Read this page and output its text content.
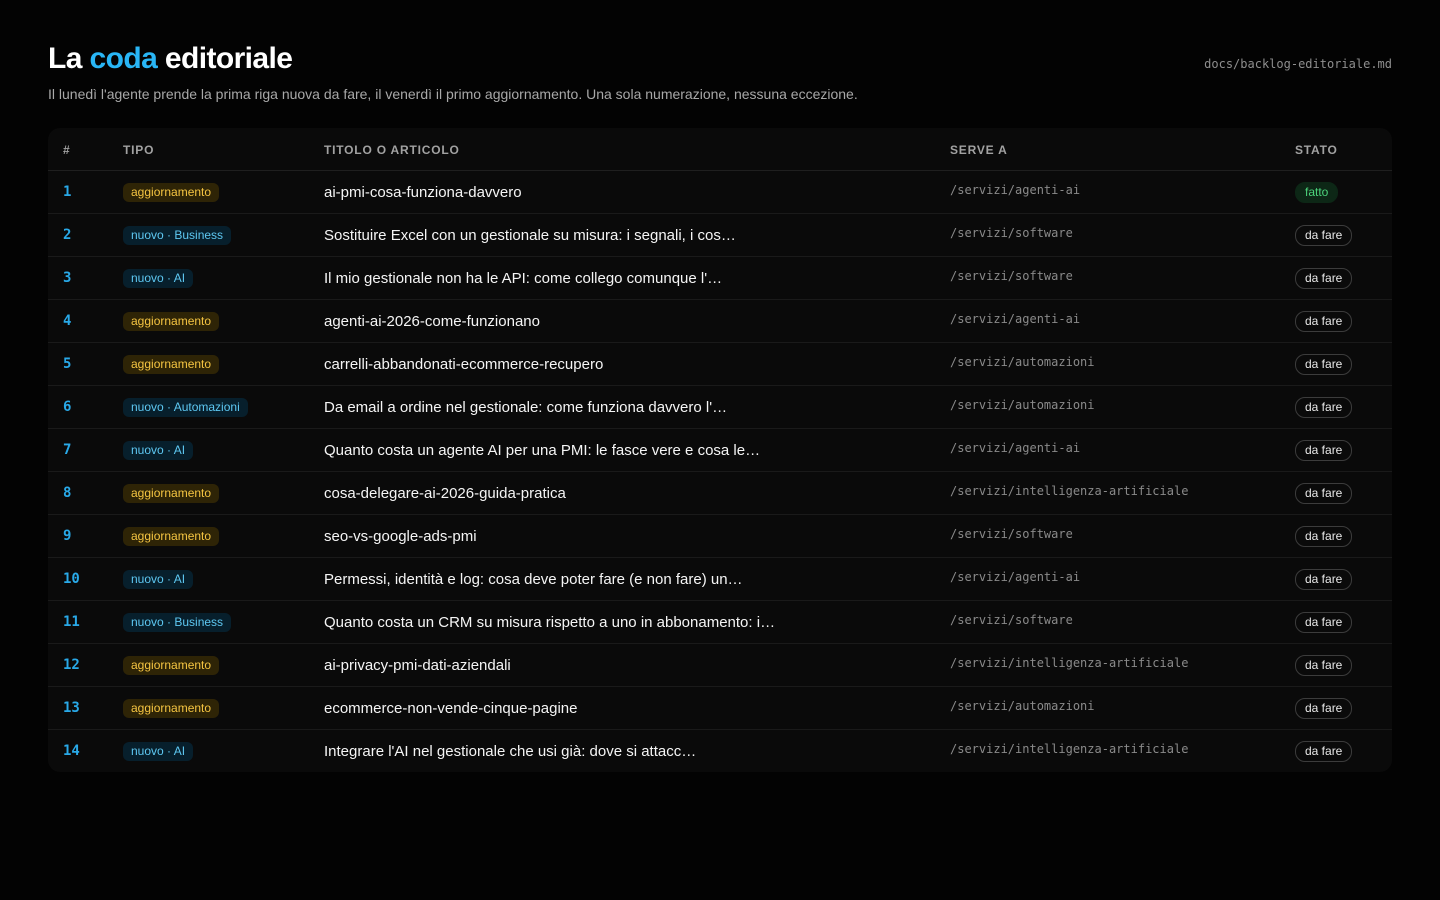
La coda editoriale
Il lunedì l'agente prende la prima riga nuova da fare, il venerdì il primo aggiornamento. Una sola numerazione, nessuna eccezione.
docs/backlog-editoriale.md
#	TIPO	TITOLO O ARTICOLO	SERVE A	STATO
1	aggiornamento	ai-pmi-cosa-funziona-davvero	/servizi/agenti-ai	fatto
2	nuovo · Business	Sostituire Excel con un gestionale su misura: i segnali, i cos…	/servizi/software	da fare
3	nuovo · AI	Il mio gestionale non ha le API: come collego comunque l'…	/servizi/software	da fare
4	aggiornamento	agenti-ai-2026-come-funzionano	/servizi/agenti-ai	da fare
5	aggiornamento	carrelli-abbandonati-ecommerce-recupero	/servizi/automazioni	da fare
6	nuovo · Automazioni	Da email a ordine nel gestionale: come funziona davvero l'…	/servizi/automazioni	da fare
7	nuovo · AI	Quanto costa un agente AI per una PMI: le fasce vere e cosa le…	/servizi/agenti-ai	da fare
8	aggiornamento	cosa-delegare-ai-2026-guida-pratica	/servizi/intelligenza-artificiale	da fare
9	aggiornamento	seo-vs-google-ads-pmi	/servizi/software	da fare
10	nuovo · AI	Permessi, identità e log: cosa deve poter fare (e non fare) un…	/servizi/agenti-ai	da fare
11	nuovo · Business	Quanto costa un CRM su misura rispetto a uno in abbonamento: i…	/servizi/software	da fare
12	aggiornamento	ai-privacy-pmi-dati-aziendali	/servizi/intelligenza-artificiale	da fare
13	aggiornamento	ecommerce-non-vende-cinque-pagine	/servizi/automazioni	da fare
14	nuovo · AI	Integrare l'AI nel gestionale che usi già: dove si attacc…	/servizi/intelligenza-artificiale	da fare
